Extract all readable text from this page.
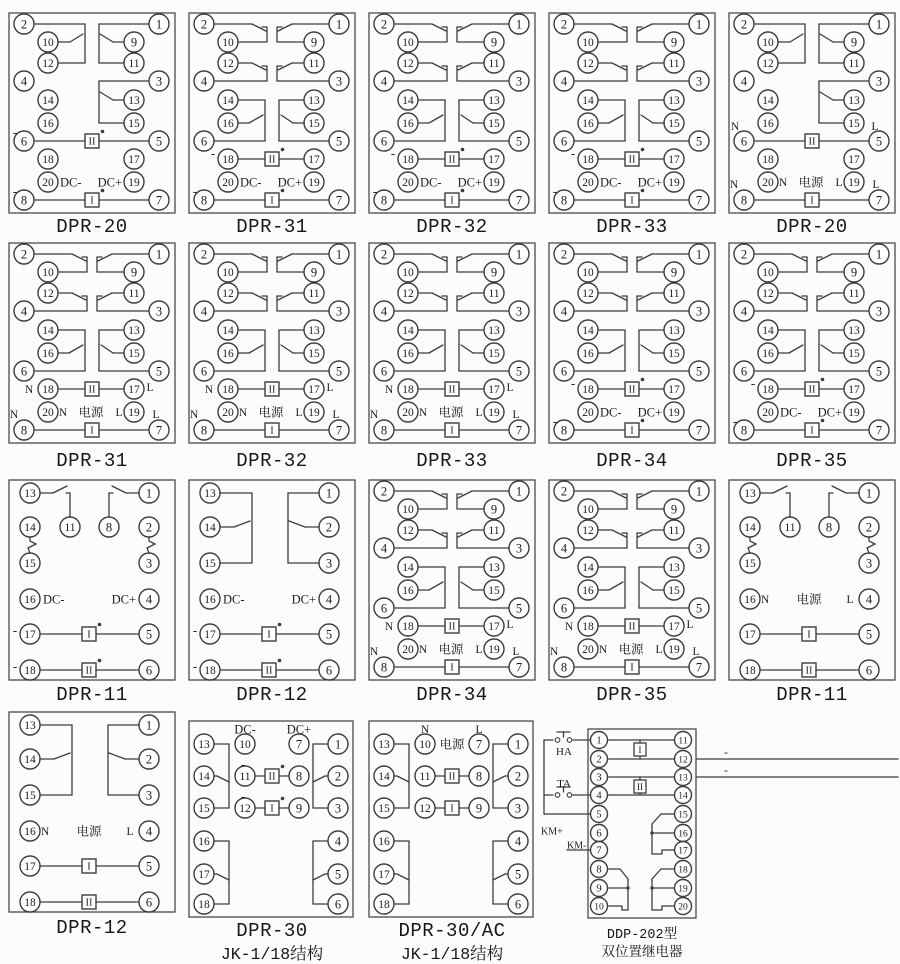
2
4
6
8
1
3
5
7
10
12
14
16
18
20
9
11
13
15
17
19
II
I
-
-
DC- DC+
2
4
6
8
1
3
5
7
10
12
14
16
18
20
9
11
13
15
17
19
II
I
-
-
DC- DC+
2
4
6
8
1
3
5
7
10
12
14
16
18
20
9
11
13
15
17
19
II
I
-
-
DC- DC+
2
4
6
8
1
3
5
7
10
12
14
16
18
20
9
11
13
15
17
19
II
I
-
-
DC- DC+
2
4
6
8
1
3
5
7
10
12
14
16
18
20
9
11
13
15
17
19
II
I
N	L
N	L
N 电源 L
2
4
6
8
1
3
5
7
10
12
14
16
18
20
9
11
13
15
17
19
II
I
N	L
N	L
N 电源 L
2
4
6
8
1
3
5
7
10
12
14
16
18
20
9
11
13
15
17
19
II
I
N	L
N	L
N 电源 L
2
4
6
8
1
3
5
7
10
12
14
16
18
20
9
11
13
15
17
19
II
I
N	L
N	L
N 电源 L
2
4
6
8
1
3
5
7
10
12
14
16
18
20
9
11
13
15
17
19
II
I
-
-
DC- DC+
2
4
6
8
1
3
5
7
10
12
14
16
18
20
9
11
13
15
17
19
II
I
-
-
DC- DC+
13
14
15
16
17
18
1
2
3
4
5
6
11 8
I
II
DC-	DC+
-
-
13
14
15
16
17
18
1
2
3
4
5
6
I
II
DC-	DC+
-
-
2
4
6
8
1
3
5
7
10
12
14
16
18
20
9
11
13
15
17
19
II
I
N	L
N	L
N 电源 L
2
4
6
8
1
3
5
7
10
12
14
16
18
20
9
11
13
15
17
19
II
I
N	L
N	L
N 电源 L
13
14
15
16
17
18
1
2
3
4
5
6
11 8
I
II
N 电源 L
13
14
15
16
17
18
1
2
3
4
5
6
I
II
N 电源 L
13
14
15
16
17
18
1
2
3
4
5
6
10
11
12
7
8
9
II
I
DC- DC+
-
-
13
14
15
16
17
18
1
2
3
4
5
6
10
11
12
7
8
9
II
I
N	L
电源	I
II
1
2
3
4
5
6
7
8
9
10
11
12
13
14
15
16
17
18
19
20
HA
TA
KM+
KM-
-
-
DPR-20	DPR-31	DPR-32	DPR-33	DPR-20
DPR-31	DPR-32	DPR-33	DPR-34	DPR-35
DPR-11	DPR-12	DPR-34	DPR-35	DPR-11
DPR-12	DPR-30
JK-1/18结构
DPR-30/AC
JK-1/18结构
DDP-202型
双位置继电器
